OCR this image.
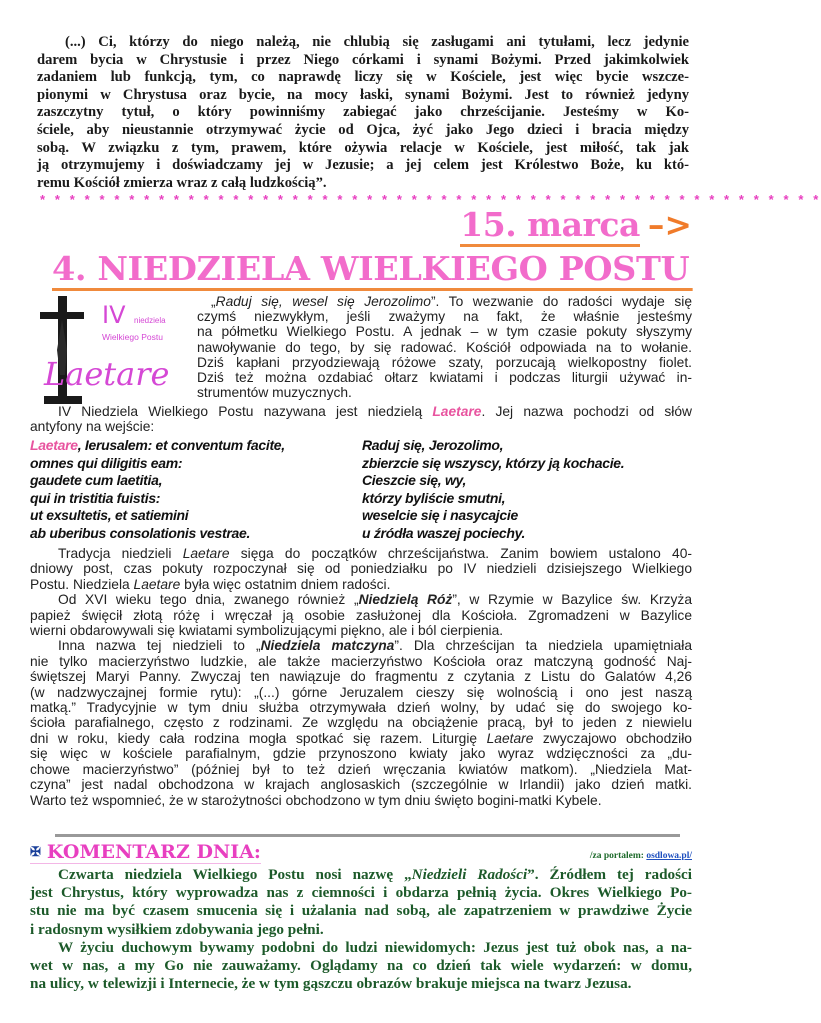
(...) Ci, którzy do niego należą, nie chlubią się zasługami ani tytułami, lecz jedynie
darem bycia w Chrystusie i przez Niego córkami i synami Bożymi. Przed jakimkolwiek
zadaniem lub funkcją, tym, co naprawdę liczy się w Kościele, jest więc bycie wszcze-
pionymi w Chrystusa oraz bycie, na mocy łaski, synami Bożymi. Jest to również jedyny
zaszczytny tytuł, o który powinniśmy zabiegać jako chrześcijanie. Jesteśmy w Ko-
ściele, aby nieustannie otrzymywać życie od Ojca, żyć jako Jego dzieci i bracia między
sobą. W związku z tym, prawem, które ożywia relacje w Kościele, jest miłość, tak jak
ją otrzymujemy i doświadczamy jej w Jezusie; a jej celem jest Królestwo Boże, ku któ-
remu Kościół zmierza wraz z całą ludzkością”.
* * * * * * * * * * * * * * * * * * * * * * * * * * * * * * * * * * * * * * * * * * * * * * * * * * * * *
15. marca –>
4. NIEDZIELA WIELKIEGO POSTU
IV niedziela
Wielkiego Postu
Laetare
„Raduj się, wesel się Jerozolimo”. To wezwanie do radości wydaje się
czymś niezwykłym, jeśli zważymy na fakt, że właśnie jesteśmy
na półmetku Wielkiego Postu. A jednak – w tym czasie pokuty słyszymy
nawoływanie do tego, by się radować. Kościół odpowiada na to wołanie.
Dziś kapłani przyodziewają różowe szaty, porzucają wielkopostny fiolet.
Dziś też można ozdabiać ołtarz kwiatami i podczas liturgii używać in-
strumentów muzycznych.
IV Niedziela Wielkiego Postu nazywana jest niedzielą Laetare. Jej nazwa pochodzi od słów
antyfony na wejście:
Laetare, Ierusalem: et conventum facite,
omnes qui diligitis eam:
gaudete cum laetitia,
qui in tristitia fuistis:
ut exsultetis, et satiemini
ab uberibus consolationis vestrae.
Raduj się, Jerozolimo,
zbierzcie się wszyscy, którzy ją kochacie.
Cieszcie się, wy,
którzy byliście smutni,
weselcie się i nasycajcie
u źródła waszej pociechy.
Tradycja niedzieli Laetare sięga do początków chrześcijaństwa. Zanim bowiem ustalono 40-
dniowy post, czas pokuty rozpoczynał się od poniedziałku po IV niedzieli dzisiejszego Wielkiego
Postu. Niedziela Laetare była więc ostatnim dniem radości.
Od XVI wieku tego dnia, zwanego również „Niedzielą Róż”, w Rzymie w Bazylice św. Krzyża
papież święcił złotą różę i wręczał ją osobie zasłużonej dla Kościoła. Zgromadzeni w Bazylice
wierni obdarowywali się kwiatami symbolizującymi piękno, ale i ból cierpienia.
Inna nazwa tej niedzieli to „Niedziela matczyna”. Dla chrześcijan ta niedziela upamiętniała
nie tylko macierzyństwo ludzkie, ale także macierzyństwo Kościoła oraz matczyną godność Naj-
świętszej Maryi Panny. Zwyczaj ten nawiązuje do fragmentu z czytania z Listu do Galatów 4,26
(w nadzwyczajnej formie rytu): „(...) górne Jeruzalem cieszy się wolnością i ono jest naszą
matką.” Tradycyjnie w tym dniu służba otrzymywała dzień wolny, by udać się do swojego ko-
ścioła parafialnego, często z rodzinami. Ze względu na obciążenie pracą, był to jeden z niewielu
dni w roku, kiedy cała rodzina mogła spotkać się razem. Liturgię Laetare zwyczajowo obchodziło
się więc w kościele parafialnym, gdzie przynoszono kwiaty jako wyraz wdzięczności za „du-
chowe macierzyństwo” (później był to też dzień wręczania kwiatów matkom). „Niedziela Mat-
czyna” jest nadal obchodzona w krajach anglosaskich (szczególnie w Irlandii) jako dzień matki.
Warto też wspomnieć, że w starożytności obchodzono w tym dniu święto bogini-matki Kybele.
✠ KOMENTARZ DNIA:	/za portalem: osdlowa.pl/
Czwarta niedziela Wielkiego Postu nosi nazwę „Niedzieli Radości”. Źródłem tej radości
jest Chrystus, który wyprowadza nas z ciemności i obdarza pełnią życia. Okres Wielkiego Po-
stu nie ma być czasem smucenia się i użalania nad sobą, ale zapatrzeniem w prawdziwe Życie
i radosnym wysiłkiem zdobywania jego pełni.
W życiu duchowym bywamy podobni do ludzi niewidomych: Jezus jest tuż obok nas, a na-
wet w nas, a my Go nie zauważamy. Oglądamy na co dzień tak wiele wydarzeń: w domu,
na ulicy, w telewizji i Internecie, że w tym gąszczu obrazów brakuje miejsca na twarz Jezusa.
